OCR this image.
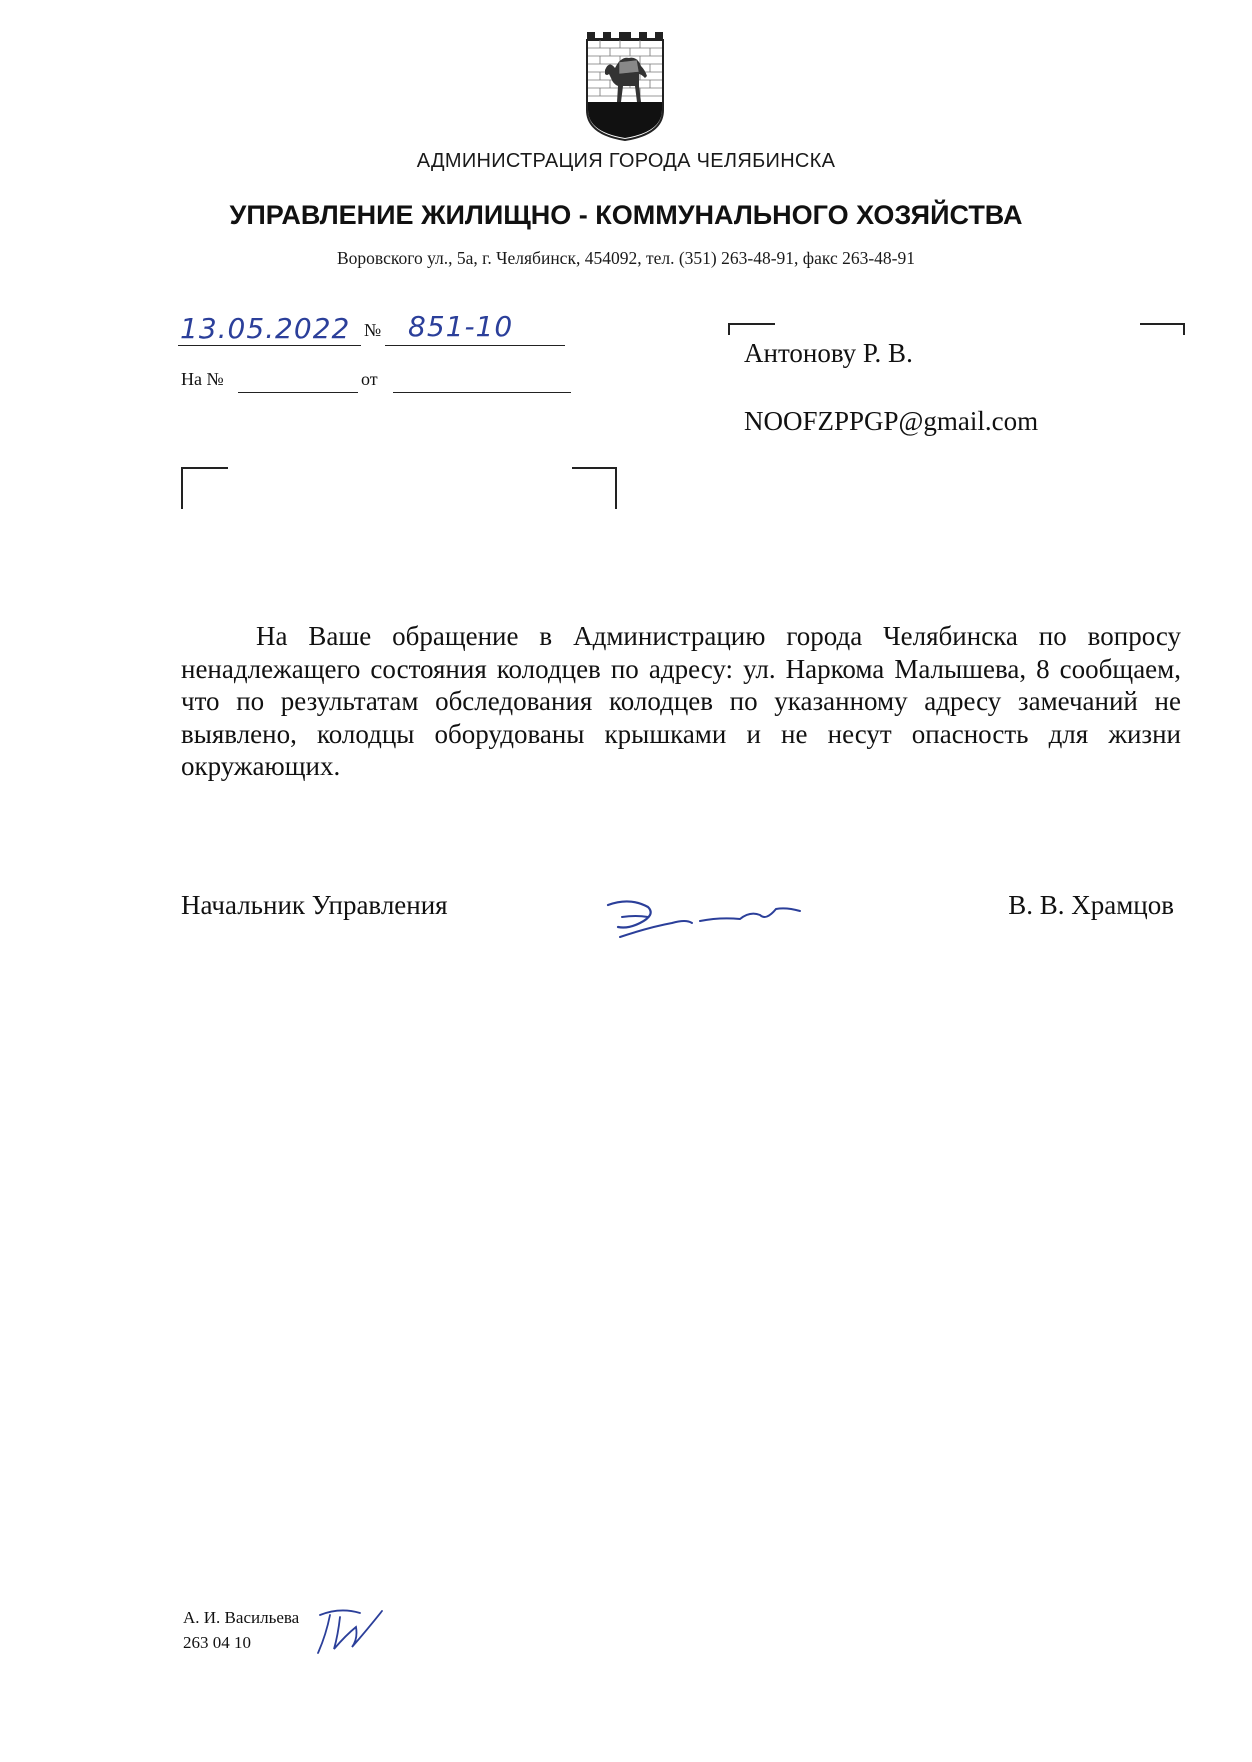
АДМИНИСТРАЦИЯ ГОРОДА ЧЕЛЯБИНСКА
УПРАВЛЕНИЕ ЖИЛИЩНО - КОММУНАЛЬНОГО ХОЗЯЙСТВА
Воровского ул., 5а, г. Челябинск, 454092, тел. (351) 263-48-91, факс 263-48-91
13.05.2022 № 851-10
На №	от
Антонову Р. В.
NOOFZPPGP@gmail.com
На Ваше обращение в Администрацию города Челябинска по вопросу ненадлежащего состояния колодцев по адресу: ул. Наркома Малышева, 8 сообщаем, что по результатам обследования колодцев по указанному адресу замечаний не выявлено, колодцы оборудованы крышками и не несут опасность для жизни окружающих.
Начальник Управления	В. В. Храмцов
А. И. Васильева
263 04 10
